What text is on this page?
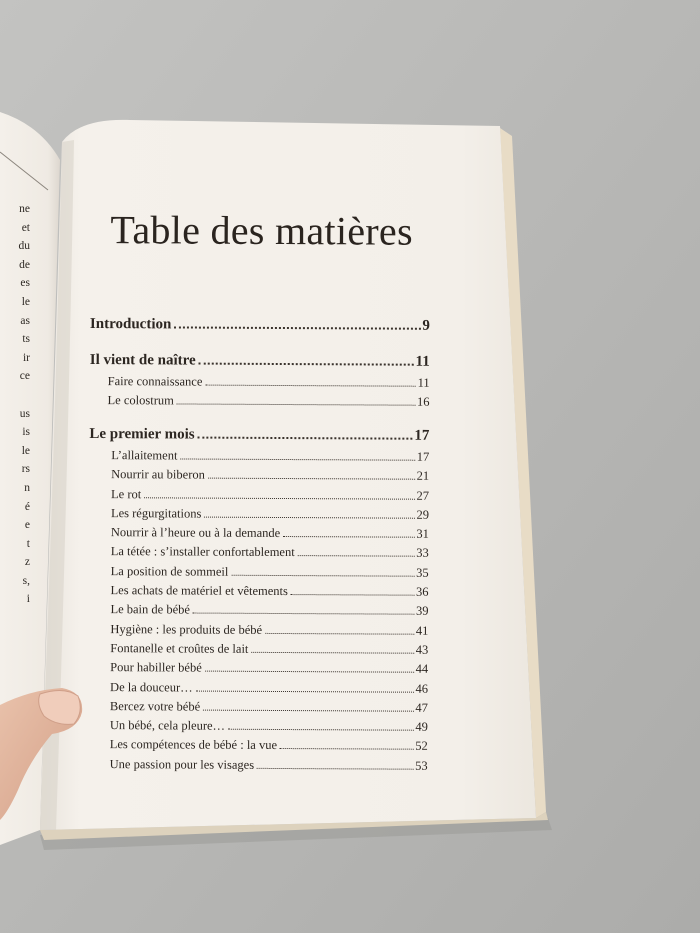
ne
et
du
de
es
le
as
ts
ir
ce
us
is
le
rs
n
é
e
t
z
s,
i
Table des matières
Introduction	9
Il vient de naître	11
Faire connaissance	11
Le colostrum	16
Le premier mois	17
L’allaitement	17
Nourrir au biberon	21
Le rot	27
Les régurgitations	29
Nourrir à l’heure ou à la demande	31
La tétée : s’installer confortablement	33
La position de sommeil	35
Les achats de matériel et vêtements	36
Le bain de bébé	39
Hygiène : les produits de bébé	41
Fontanelle et croûtes de lait	43
Pour habiller bébé	44
De la douceur…	46
Bercez votre bébé	47
Un bébé, cela pleure…	49
Les compétences de bébé : la vue	52
Une passion pour les visages	53
